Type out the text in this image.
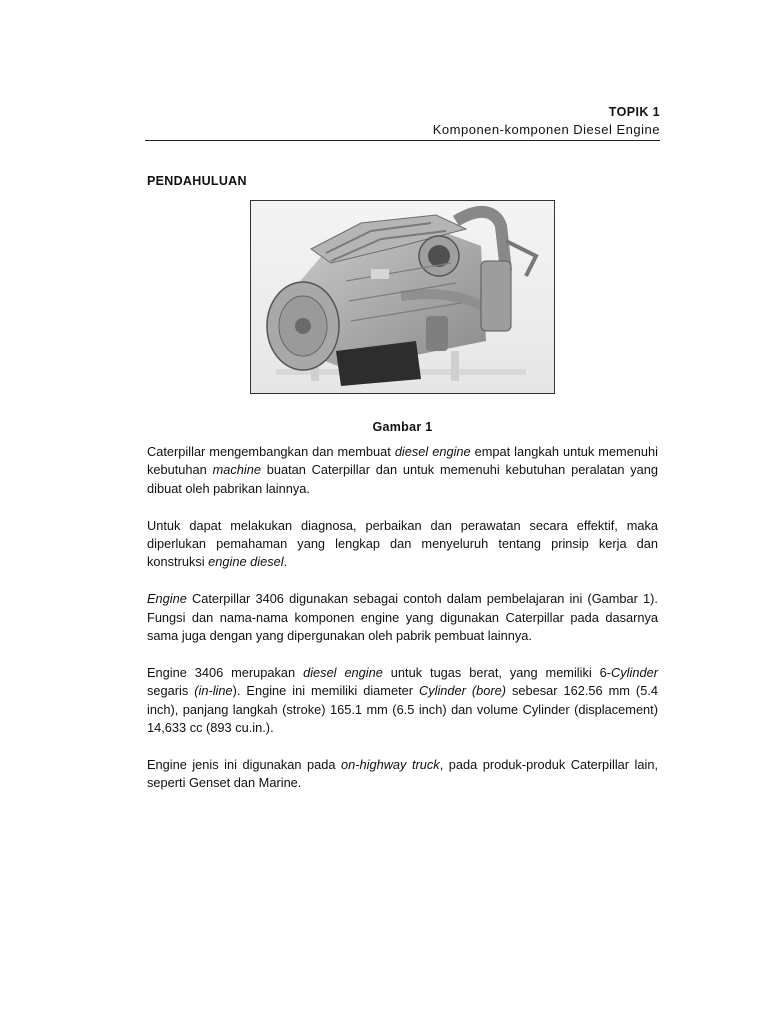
TOPIK 1
Komponen-komponen Diesel Engine
PENDAHULUAN
Gambar 1

Caterpillar mengembangkan dan membuat diesel engine empat langkah untuk memenuhi kebutuhan machine buatan Caterpillar dan untuk memenuhi kebutuhan peralatan yang dibuat oleh pabrikan lainnya.

Untuk dapat melakukan diagnosa, perbaikan dan perawatan secara effektif, maka diperlukan pemahaman yang lengkap dan menyeluruh tentang prinsip kerja dan konstruksi engine diesel.

Engine Caterpillar 3406 digunakan sebagai contoh dalam pembelajaran ini (Gambar 1). Fungsi dan nama-nama komponen engine yang digunakan Caterpillar pada dasarnya sama juga dengan yang dipergunakan oleh pabrik pembuat lainnya.

Engine 3406 merupakan diesel engine untuk tugas berat, yang memiliki 6-Cylinder segaris (in-line). Engine ini memiliki diameter Cylinder (bore) sebesar 162.56 mm (5.4 inch), panjang langkah (stroke) 165.1 mm (6.5 inch) dan volume Cylinder (displacement) 14,633 cc (893 cu.in.).

Engine jenis ini digunakan pada on-highway truck, pada produk-produk Caterpillar lain, seperti Genset dan Marine.
